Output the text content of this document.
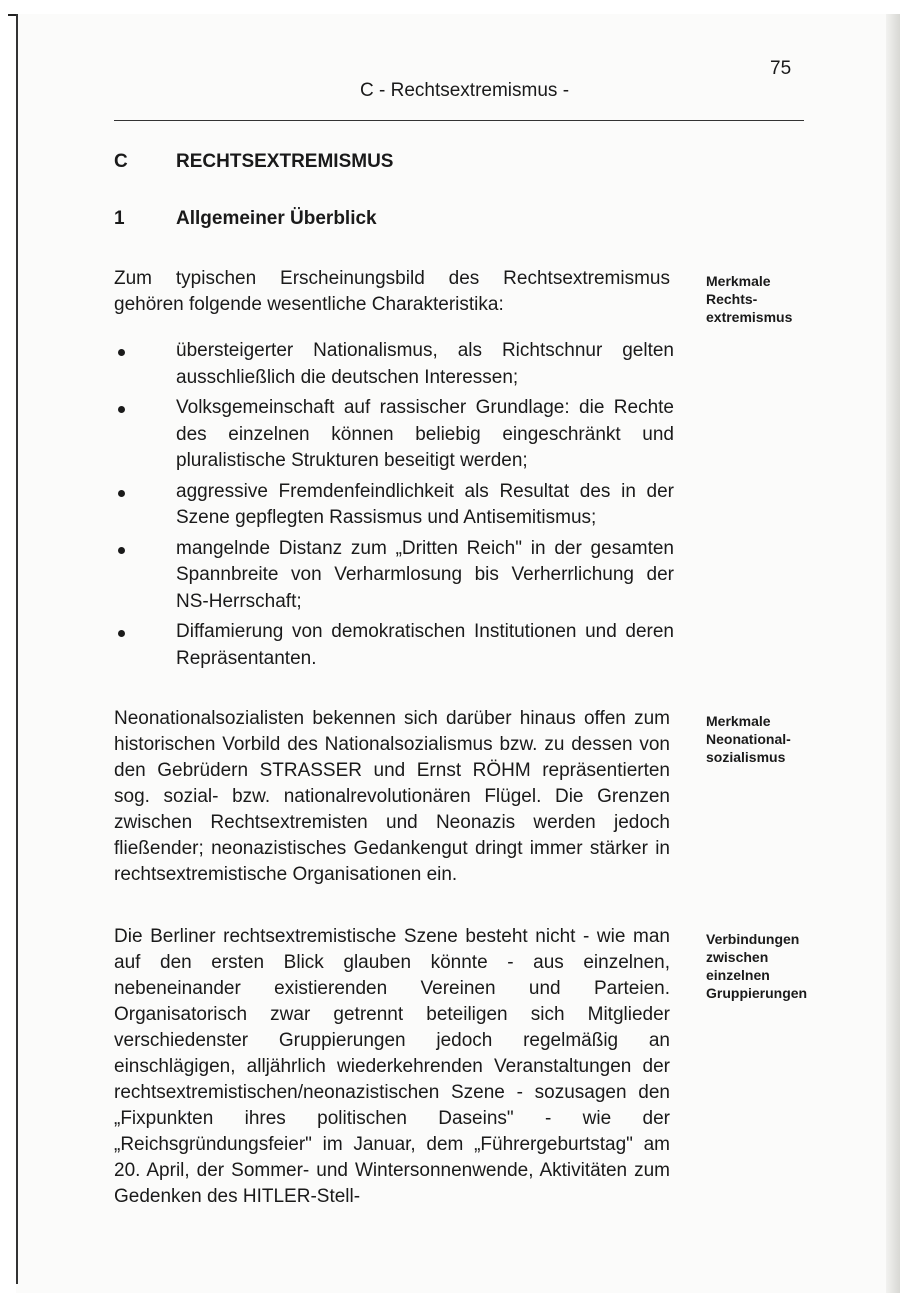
75
C - Rechtsextremismus -
C	RECHTSEXTREMISMUS
1	Allgemeiner Überblick
Zum typischen Erscheinungsbild des Rechtsextremismus gehören folgende wesentliche Charakteristika:
übersteigerter Nationalismus, als Richtschnur gelten ausschließlich die deutschen Interessen;
Volksgemeinschaft auf rassischer Grundlage: die Rechte des einzelnen können beliebig eingeschränkt und pluralistische Strukturen beseitigt werden;
aggressive Fremdenfeindlichkeit als Resultat des in der Szene gepflegten Rassismus und Antisemitismus;
mangelnde Distanz zum „Dritten Reich" in der gesamten Spannbreite von Verharmlosung bis Verherrlichung der NS-Herrschaft;
Diffamierung von demokratischen Institutionen und deren Repräsentanten.
Neonationalsozialisten bekennen sich darüber hinaus offen zum historischen Vorbild des Nationalsozialismus bzw. zu dessen von den Gebrüdern STRASSER und Ernst RÖHM repräsentierten sog. sozial- bzw. nationalrevolutionären Flügel. Die Grenzen zwischen Rechtsextremisten und Neonazis werden jedoch fließender; neonazistisches Gedankengut dringt immer stärker in rechtsextremistische Organisationen ein.
Die Berliner rechtsextremistische Szene besteht nicht - wie man auf den ersten Blick glauben könnte - aus einzelnen, nebeneinander existierenden Vereinen und Parteien. Organisatorisch zwar getrennt beteiligen sich Mitglieder verschiedenster Gruppierungen jedoch regelmäßig an einschlägigen, alljährlich wiederkehrenden Veranstaltungen der rechtsextremistischen/neonazistischen Szene - sozusagen den „Fixpunkten ihres politischen Daseins" - wie der „Reichsgründungsfeier" im Januar, dem „Führergeburtstag" am 20. April, der Sommer- und Wintersonnenwende, Aktivitäten zum Gedenken des HITLER-Stell-
Merkmale
Rechts-
extremismus
Merkmale
Neonational-
sozialismus
Verbindungen
zwischen
einzelnen
Gruppierungen
